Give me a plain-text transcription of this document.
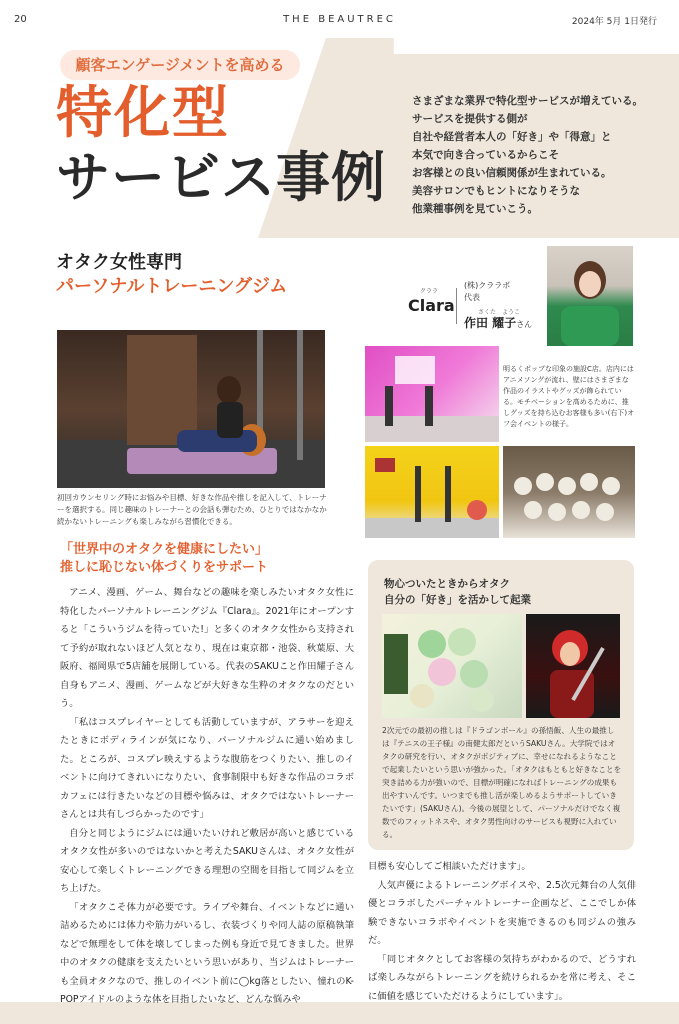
20	THE BEAUTREC	2024年 5月 1日発行
顧客エンゲージメントを高める
特化型
サービス事例
さまざまな業界で特化型サービスが増えている。
サービスを提供する側が
自社や経営者本人の「好き」や「得意」と
本気で向き合っているからこそ
お客様との良い信頼関係が生まれている。
美容サロンでもヒントになりそうな
他業種事例を見ていこう。
オタク女性専門
パーソナルトレーニングジム	クララ
Clara
(株)クララボ
代表
さくた　ようこ
作田 耀子さん
初回カウンセリング時にお悩みや目標、好きな作品や推しを記入して、トレーナーを選択する。同じ趣味のトレーナーとの会話も弾むため、ひとりではなかなか続かないトレーニングも楽しみながら習慣化できる。
明るくポップな印象の施設C店。店内にはアニメソングが流れ、壁にはさまざまな作品のイラストやグッズが飾られている。モチベーションを高めるために、推しグッズを持ち込むお客様も多い(右下)オフ会イベントの様子。
「世界中のオタクを健康にしたい」
推しに恥じない体づくりをサポート

アニメ、漫画、ゲーム、舞台などの趣味を楽しみたいオタク女性に特化したパーソナルトレーニングジム『Clara』。2021年にオープンすると「こういうジムを待っていた!」と多くのオタク女性から支持されて予約が取れないほど人気となり、現在は東京都・池袋、秋葉原、大阪府、福岡県で5店舗を展開している。代表のSAKUこと作田耀子さん自身もアニメ、漫画、ゲームなどが大好きな生粋のオタクなのだという。

「私はコスプレイヤーとしても活動していますが、アラサーを迎えたときにボディラインが気になり、パーソナルジムに通い始めました。ところが、コスプレ映えするような腹筋をつくりたい、推しのイベントに向けてきれいになりたい、食事制限中も好きな作品のコラボカフェには行きたいなどの目標や悩みは、オタクではないトレーナーさんとは共有しづらかったのです」

自分と同じようにジムには通いたいけれど敷居が高いと感じているオタク女性が多いのではないかと考えたSAKUさんは、オタク女性が安心して楽しくトレーニングできる理想の空間を目指して同ジムを立ち上げた。

「オタクこそ体力が必要です。ライブや舞台、イベントなどに通い詰めるためには体力や筋力がいるし、衣装づくりや同人誌の原稿執筆などで無理をして体を壊してしまった例も身近で見てきました。世界中のオタクの健康を支えたいという思いがあり、当ジムはトレーナーも全員オタクなので、推しのイベント前に◯kg落としたい、憧れのK-POPアイドルのような体を目指したいなど、どんな悩みや

物心ついたときからオタク
自分の「好き」を活かして起業
2次元での最初の推しは『ドラゴンボール』の孫悟飯、人生の最推しは『テニスの王子様』の南健太郎だというSAKUさん。大学院ではオタクの研究を行い、オタクがポジティブに、幸せになれるようなことで起業したいという思いが強かった。「オタクはもともと好きなことを突き詰める力が強いので、目標が明確になればトレーニングの成果も出やすいんです。いつまでも推し活が楽しめるようサポートしていきたいです」(SAKUさん)。今後の展望として、パーソナルだけでなく複数でのフィットネスや、オタク男性向けのサービスも視野に入れている。

目標も安心してご相談いただけます」。

人気声優によるトレーニングボイスや、2.5次元舞台の人気俳優とコラボしたパーチャルトレーナー企画など、ここでしか体験できないコラボやイベントを実施できるのも同ジムの強みだ。

「同じオタクとしてお客様の気持ちがわかるので、どうすれば楽しみながらトレーニングを続けられるかを常に考え、そこに価値を感じていただけるようにしています」。
